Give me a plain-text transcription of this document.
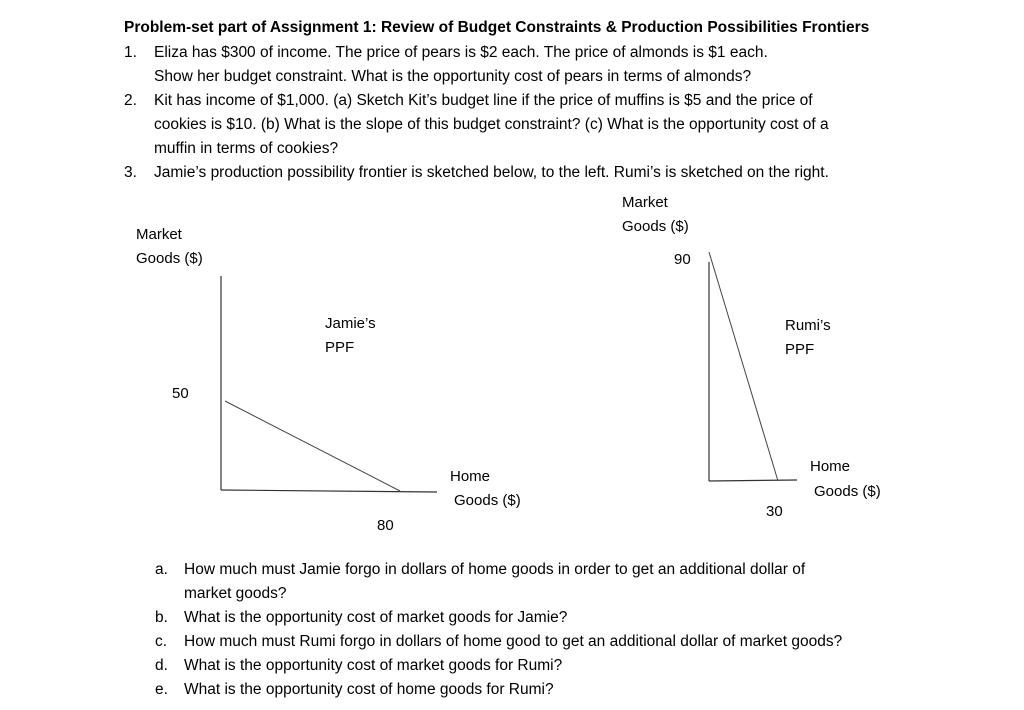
Problem-set part of Assignment 1: Review of Budget Constraints & Production Possibilities Frontiers
1. Eliza has $300 of income. The price of pears is $2 each. The price of almonds is $1 each.
Show her budget constraint. What is the opportunity cost of pears in terms of almonds?
2. Kit has income of $1,000. (a) Sketch Kit’s budget line if the price of muffins is $5 and the price of
cookies is $10. (b) What is the slope of this budget constraint? (c) What is the opportunity cost of a
muffin in terms of cookies?
3. Jamie’s production possibility frontier is sketched below, to the left. Rumi’s is sketched on the right.
Market
Goods ($)
Jamie’s
PPF
50
Home
Goods ($)
80
Market
Goods ($)
90
Rumi’s
PPF
Home
Goods ($)
30
a. How much must Jamie forgo in dollars of home goods in order to get an additional dollar of
market goods?
b. What is the opportunity cost of market goods for Jamie?
c. How much must Rumi forgo in dollars of home good to get an additional dollar of market goods?
d. What is the opportunity cost of market goods for Rumi?
e. What is the opportunity cost of home goods for Rumi?
